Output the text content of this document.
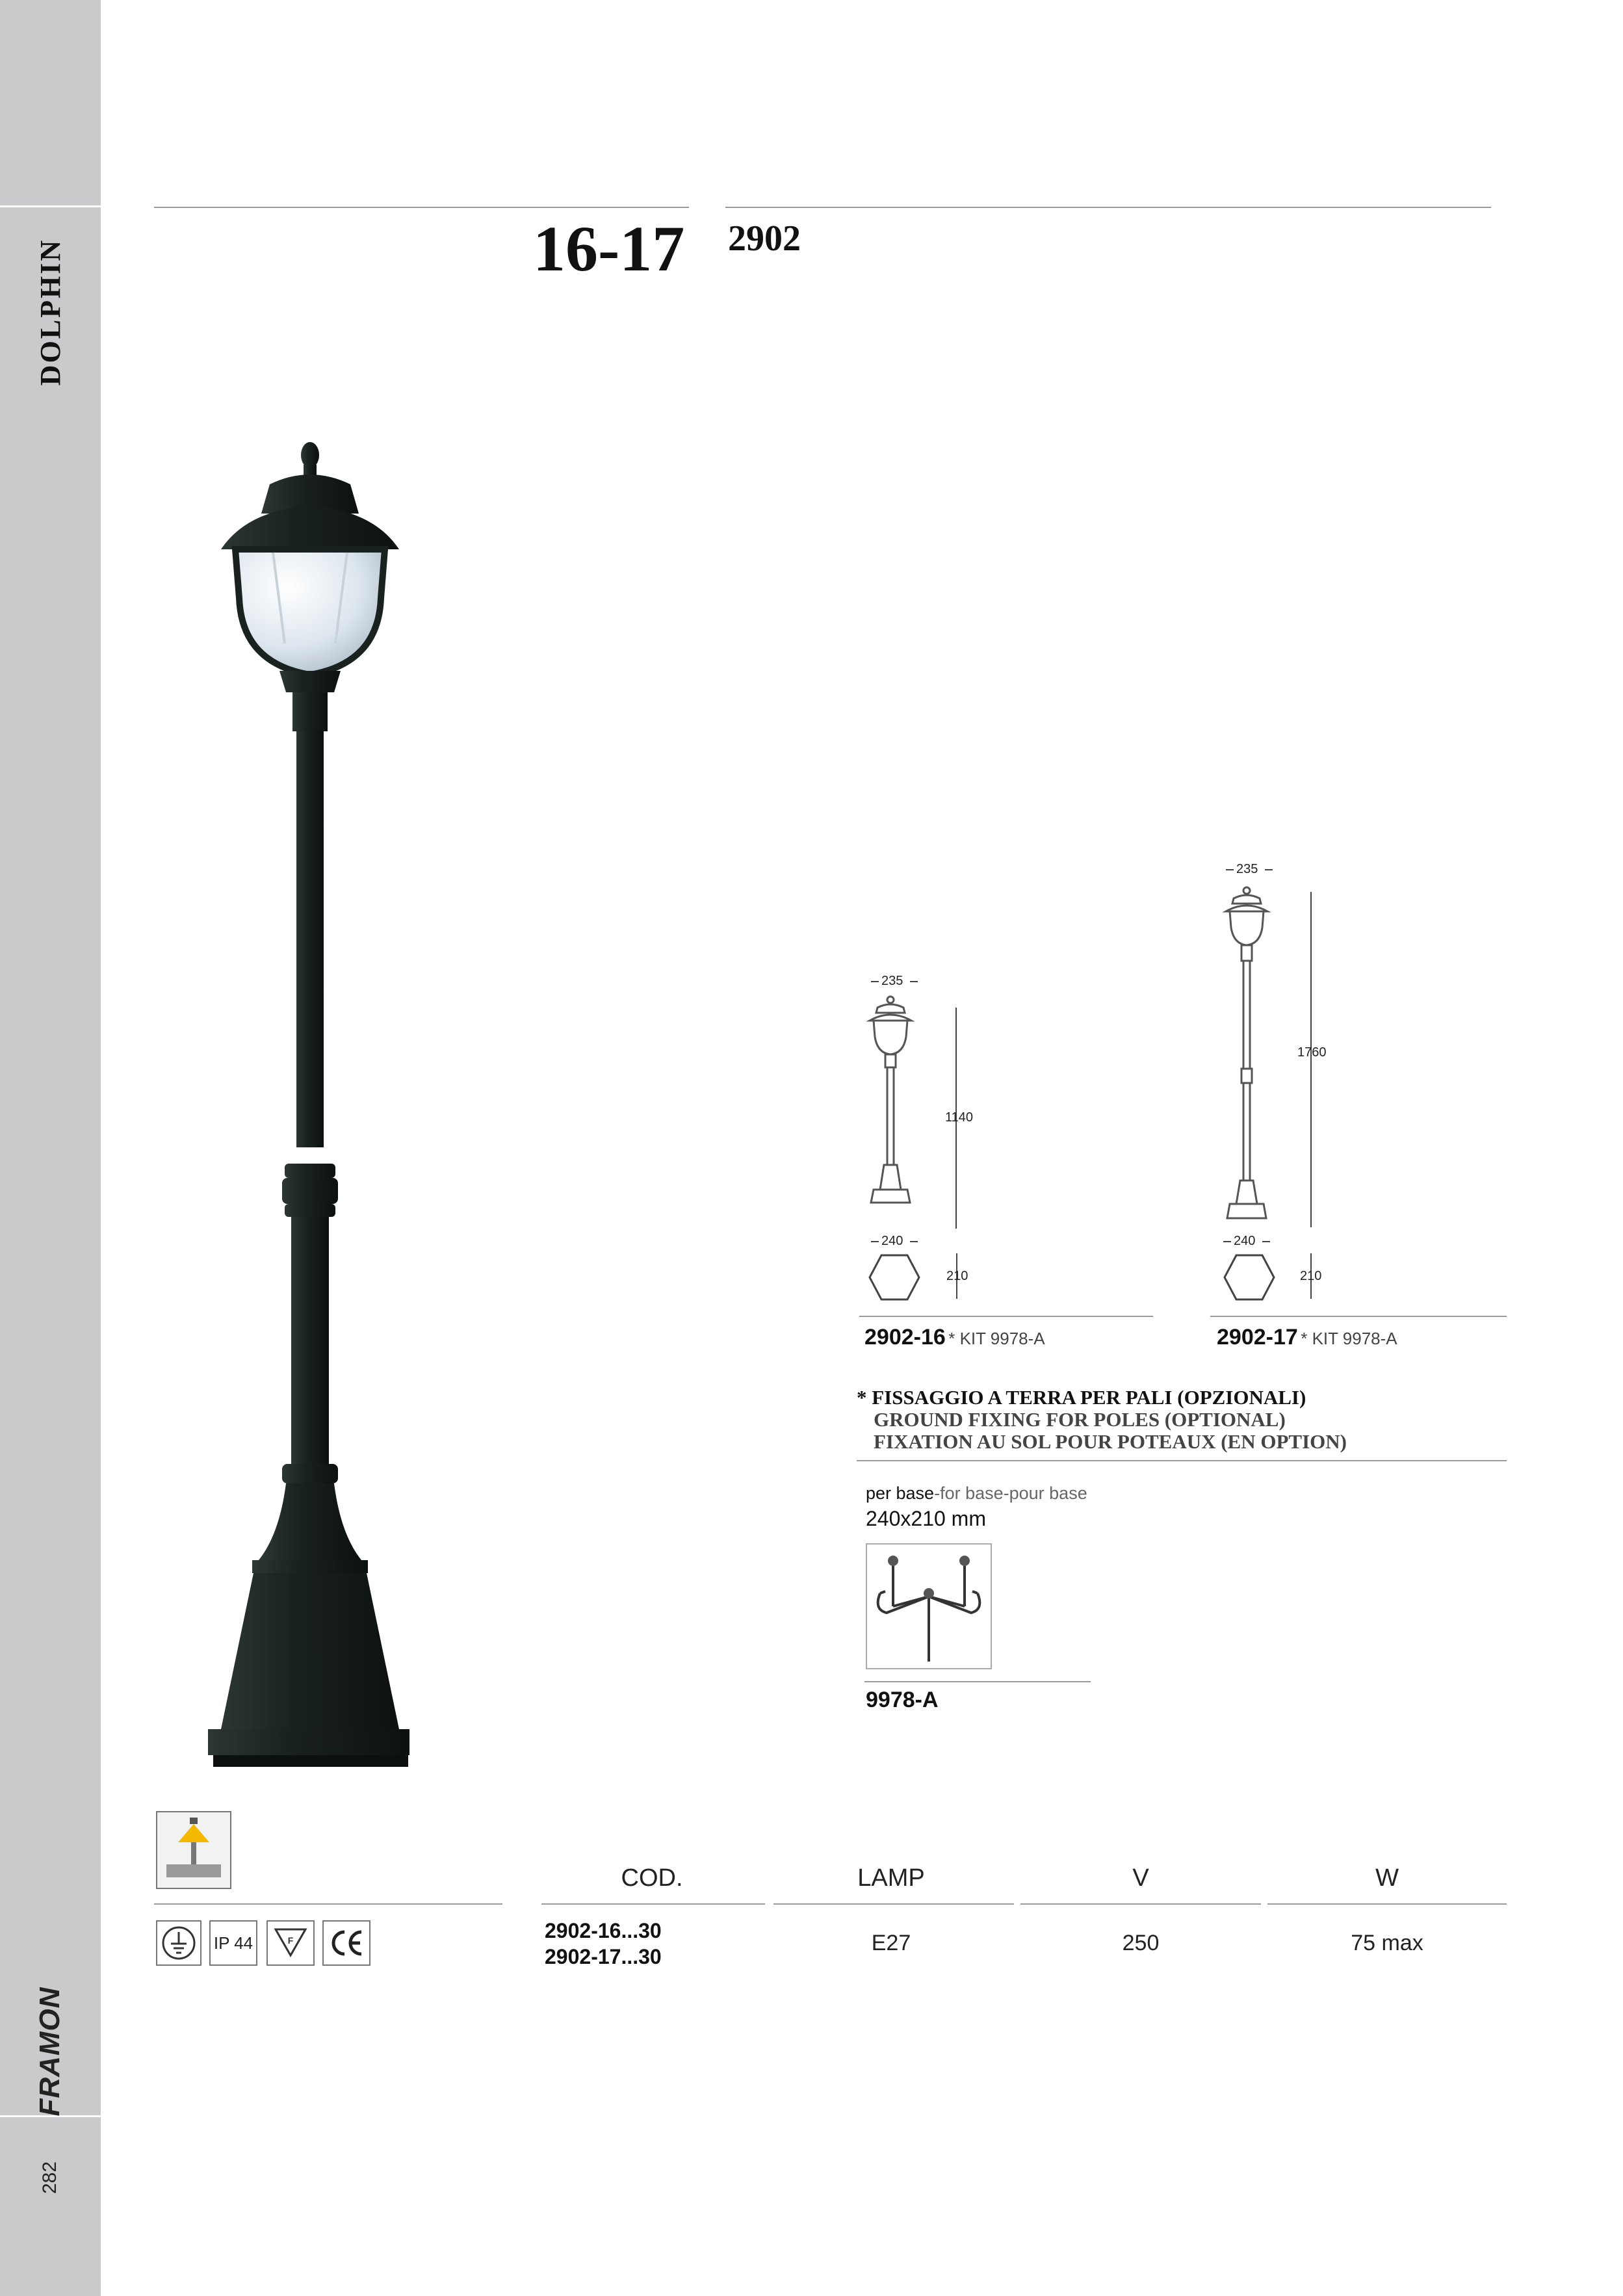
DOLPHIN
FRAMON
282
16-17 2902
235
1140
240
210
2902-16 * KIT 9978-A
235
1760
240
210
2902-17 * KIT 9978-A
* FISSAGGIO A TERRA PER PALI (OPZIONALI)
GROUND FIXING FOR POLES (OPTIONAL)
FIXATION AU SOL POUR POTEAUX (EN OPTION)
per base-for base-pour base
240x210 mm
9978-A
IP 44	F
COD.	LAMP	V	W
2902-16...30
2902-17...30
E27	250	75 max
